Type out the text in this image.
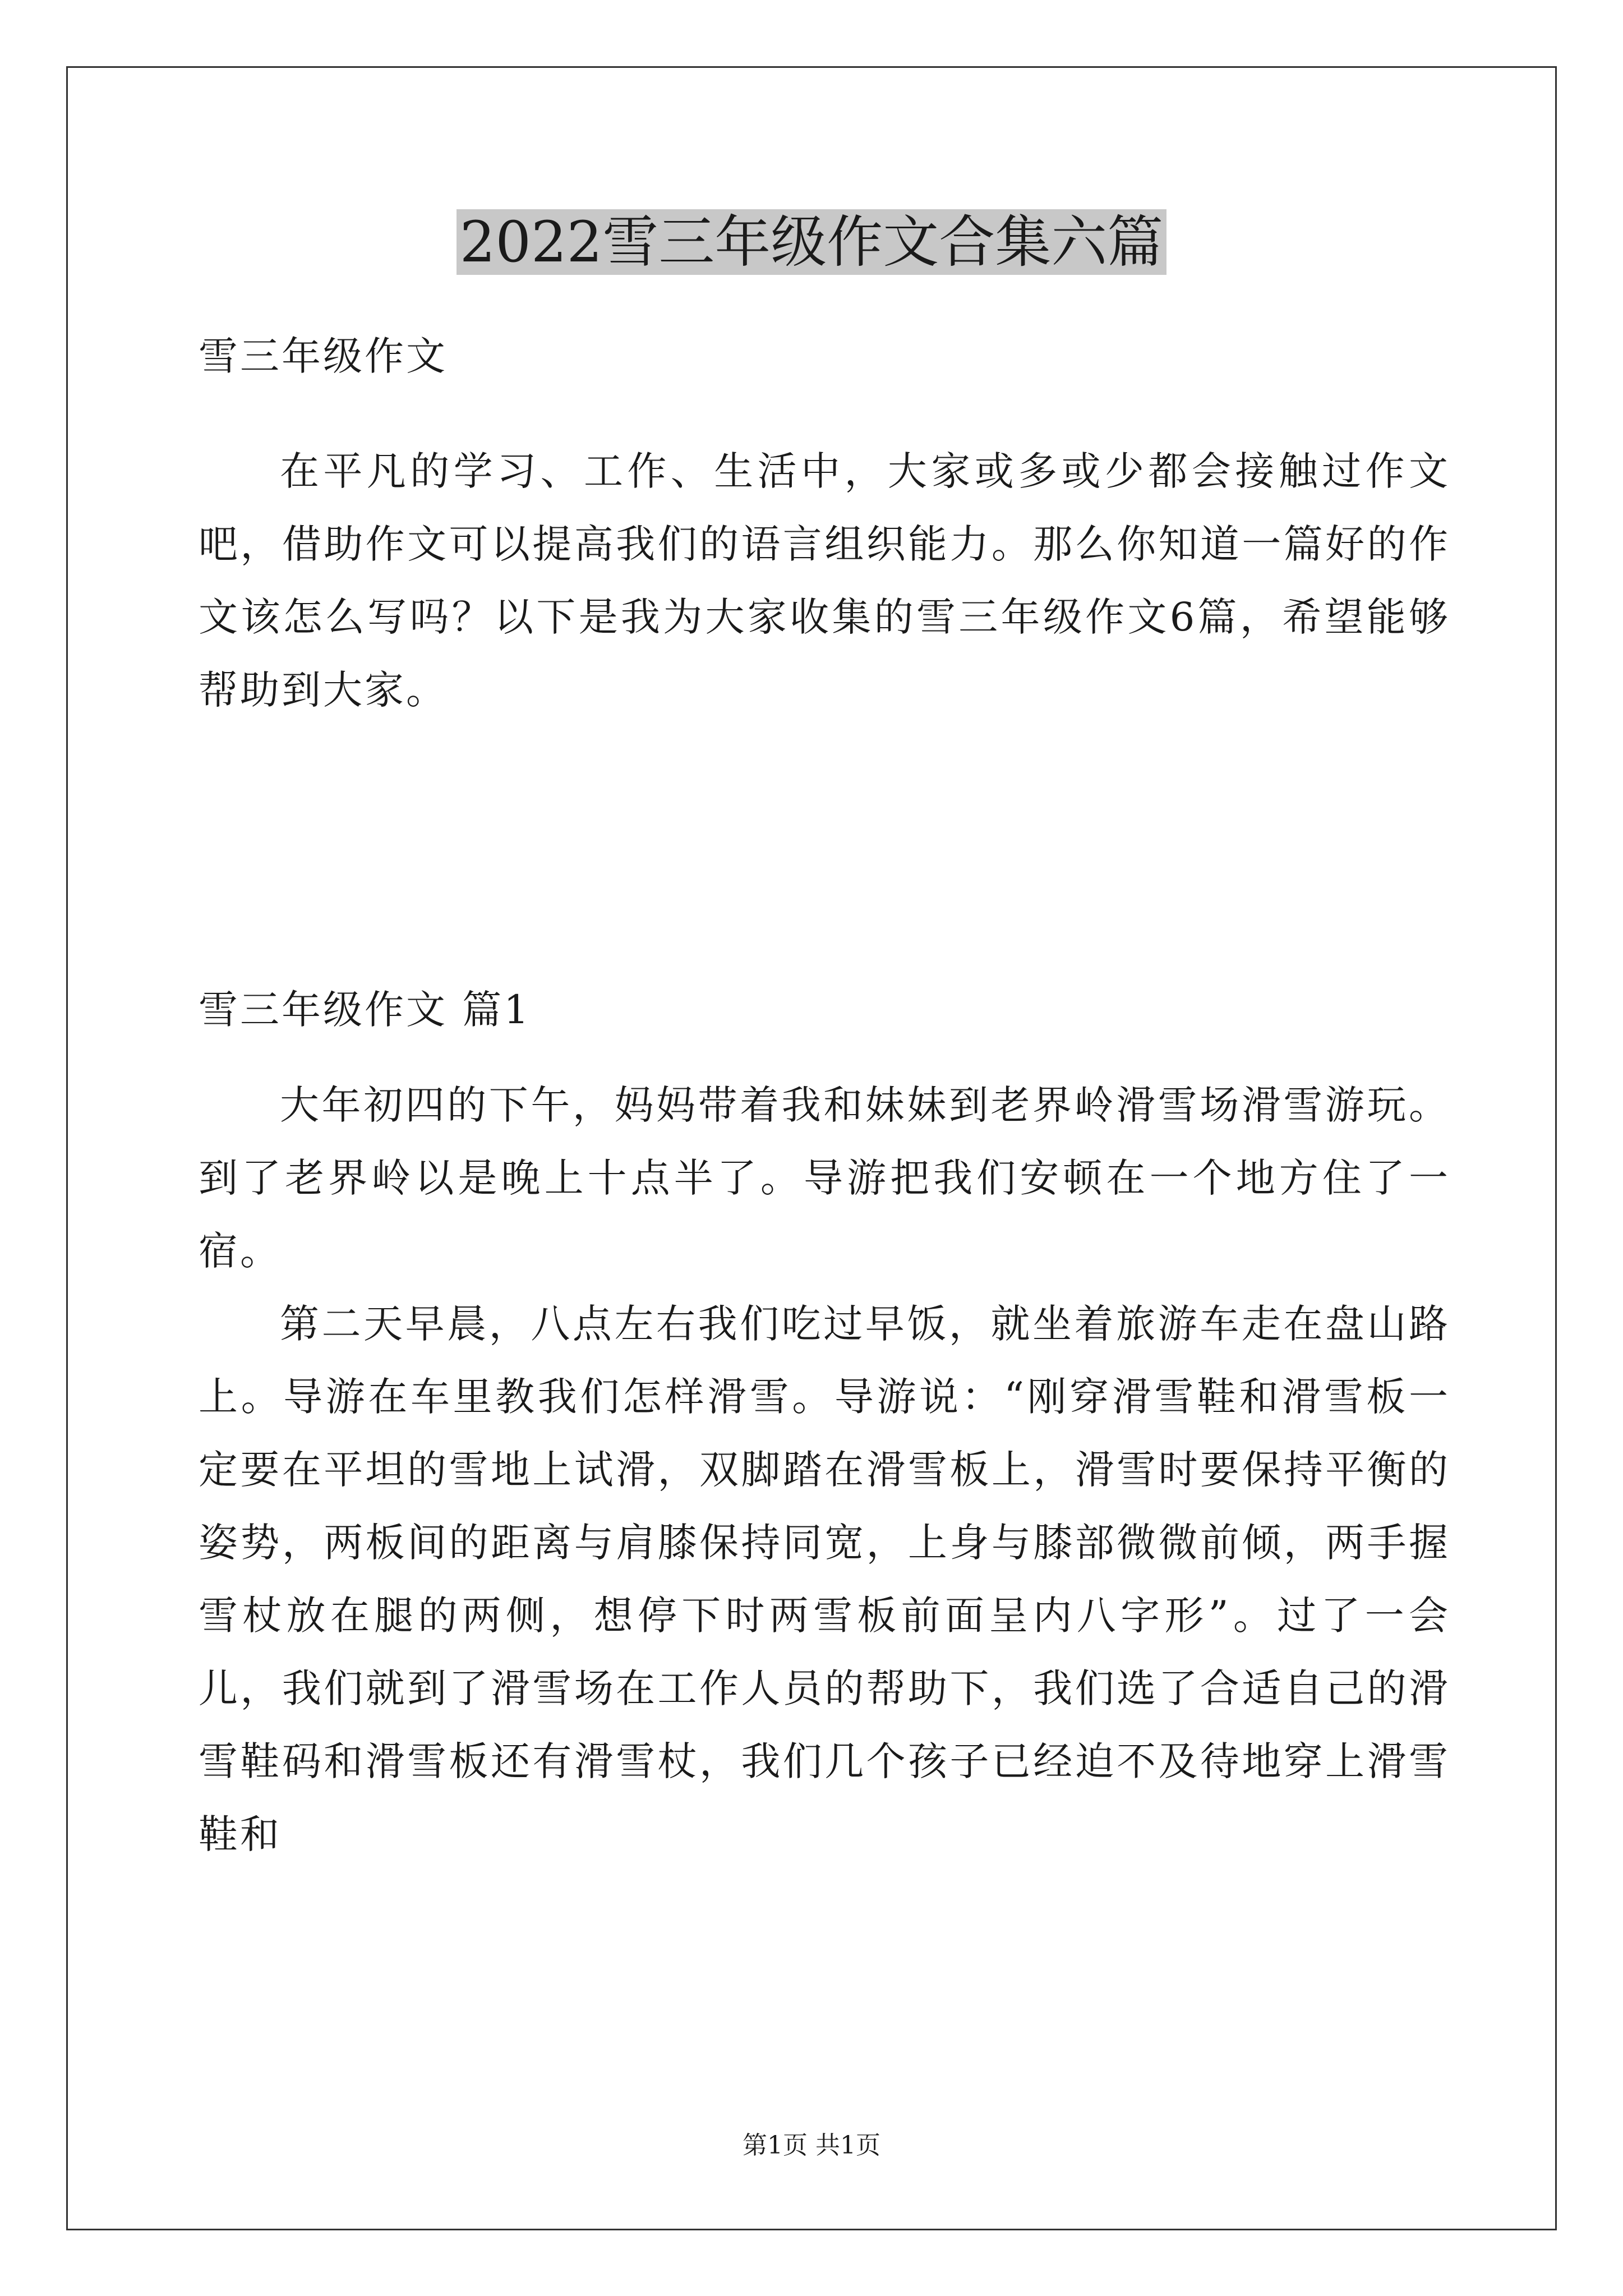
2022雪三年级作文合集六篇

雪三年级作文

在平凡的学习、工作、生活中，大家或多或少都会接触过作文吧，借助作文可以提高我们的语言组织能力。那么你知道一篇好的作文该怎么写吗？以下是我为大家收集的雪三年级作文6篇，希望能够帮助到大家。

雪三年级作文 篇1

大年初四的下午，妈妈带着我和妹妹到老界岭滑雪场滑雪游玩。到了老界岭以是晚上十点半了。导游把我们安顿在一个地方住了一宿。

第二天早晨，八点左右我们吃过早饭，就坐着旅游车走在盘山路上。导游在车里教我们怎样滑雪。导游说：“刚穿滑雪鞋和滑雪板一定要在平坦的雪地上试滑，双脚踏在滑雪板上，滑雪时要保持平衡的姿势，两板间的距离与肩膝保持同宽，上身与膝部微微前倾，两手握雪杖放在腿的两侧，想停下时两雪板前面呈内八字形”。过了一会儿，我们就到了滑雪场在工作人员的帮助下，我们选了合适自己的滑雪鞋码和滑雪板还有滑雪杖，我们几个孩子已经迫不及待地穿上滑雪鞋和

第1页 共1页
